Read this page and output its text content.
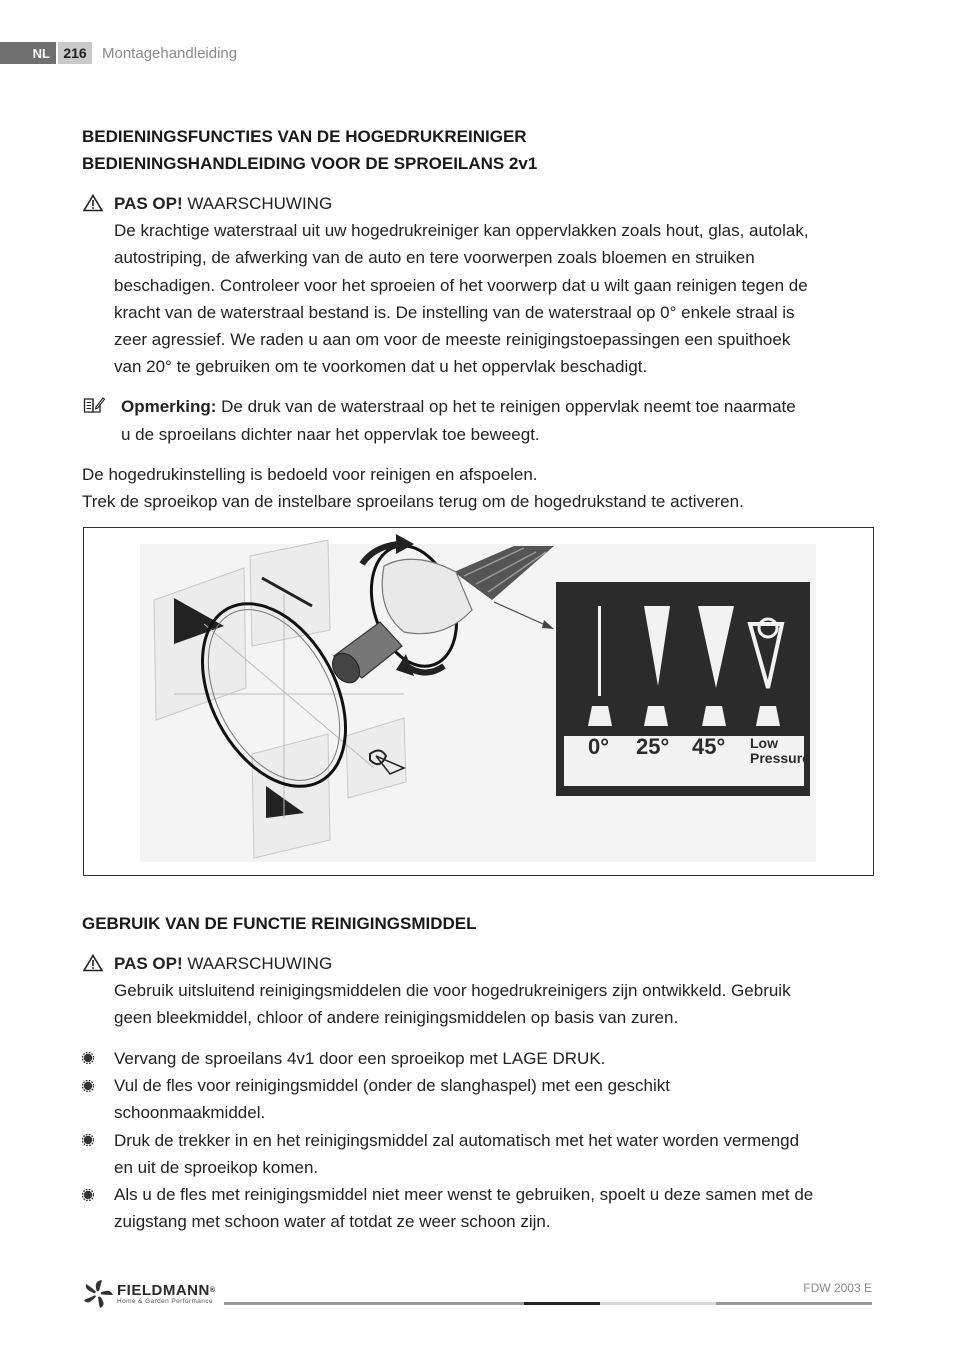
NL 216	Montagehandleiding
BEDIENINGSFUNCTIES VAN DE HOGEDRUKREINIGER
BEDIENINGSHANDLEIDING VOOR DE SPROEILANS 2v1
PAS OP! WAARSCHUWING
De krachtige waterstraal uit uw hogedrukreiniger kan oppervlakken zoals hout, glas, autolak,
autostriping, de afwerking van de auto en tere voorwerpen zoals bloemen en struiken
beschadigen. Controleer voor het sproeien of het voorwerp dat u wilt gaan reinigen tegen de
kracht van de waterstraal bestand is. De instelling van de waterstraal op 0° enkele straal is
zeer agressief. We raden u aan om voor de meeste reinigingstoepassingen een spuithoek
van 20° te gebruiken om te voorkomen dat u het oppervlak beschadigt.
Opmerking: De druk van de waterstraal op het te reinigen oppervlak neemt toe naarmate
u de sproeilans dichter naar het oppervlak toe beweegt.
De hogedrukinstelling is bedoeld voor reinigen en afspoelen.
Trek de sproeikop van de instelbare sproeilans terug om de hogedrukstand te activeren.
0° 25° 45° Low
Pressure
GEBRUIK VAN DE FUNCTIE REINIGINGSMIDDEL
PAS OP! WAARSCHUWING
Gebruik uitsluitend reinigingsmiddelen die voor hogedrukreinigers zijn ontwikkeld. Gebruik
geen bleekmiddel, chloor of andere reinigingsmiddelen op basis van zuren.
Vervang de sproeilans 4v1 door een sproeikop met LAGE DRUK.
Vul de fles voor reinigingsmiddel (onder de slanghaspel) met een geschikt
schoonmaakmiddel.
Druk de trekker in en het reinigingsmiddel zal automatisch met het water worden vermengd
en uit de sproeikop komen.
Als u de fles met reinigingsmiddel niet meer wenst te gebruiken, spoelt u deze samen met de
zuigstang met schoon water af totdat ze weer schoon zijn.
FIELDMANN®
Home & Garden Performance
FDW 2003 E
